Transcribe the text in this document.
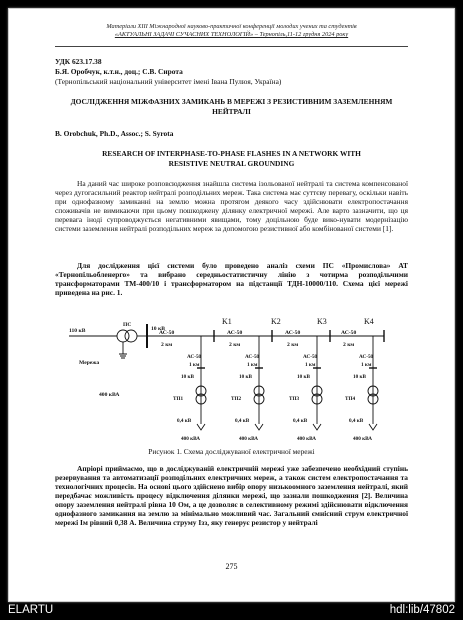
Матеріали XIII Міжнародної науково-практичної конференції молодих учених та студентів
«АКТУАЛЬНІ ЗАДАЧІ СУЧАСНИХ ТЕХНОЛОГІЙ» – Тернопіль,11-12 грудня 2024 року
УДК 623.17.38
Б.Я. Оробчук, к.т.н., доц.; С.В. Сирота
(Тернопільський національний університет імені Івана Пулюя, Україна)
ДОСЛІДЖЕННЯ МІЖФАЗНИХ ЗАМИКАНЬ В МЕРЕЖІ З РЕЗИСТИВНИМ ЗАЗЕМЛЕННЯМ НЕЙТРАЛІ
B. Orobchuk, Ph.D., Assoc.; S. Syrota
RESEARCH OF INTERPHASE-TO-PHASE FLASHES IN A NETWORK WITH RESISTIVE NEUTRAL GROUNDING
На даний час широке розповсюдження знайшла система ізольованої нейтралі та система компенсованої через дугогасильний реактор нейтралі розподільних мереж. Така система має суттєву перевагу, оскільки навіть при однофазному замиканні на землю можна протягом деякого часу здійснювати електропостачання споживачів не вимикаючи при цьому пошкоджену ділянку електричної мережі. Але варто зазначити, що ця перевага іноді супроводжується негативними явищами, тому доцільною буде вико-нувати модернізацію системи заземлення нейтралі розподільних мереж за допомогою резистивної або комбінованої системи [1].
Для дослідження цієї системи було проведено аналіз схеми ПС «Промислова» АТ «Тернопільобленерго» та вибрано середньостатистичну лінію з чотирма розподільчими трансформаторами ТМ-400/10 і трансформатором на підстанції ТДН-10000/110. Схема цієї мережі приведена на рис. 1.
110 кВ
ПС
10 кВ
Мережа
400 кВА
АС-50
2 км
АС-50
2 км
АС-50
2 км
АС-50
2 км
K1	K2	K3	K4
АС-50
1 км
10 кВ
ТП1
0,4 кВ
400 кВА
АС-50
1 км
10 кВ
ТП2
0,4 кВ
400 кВА
АС-50
1 км
10 кВ
ТП3
0,4 кВ
400 кВА
АС-50
1 км
10 кВ
ТП4
0,4 кВ
400 кВА
Рисунок 1. Схема досліджуваної електричної мережі
Апріорі приймаємо, що в досліджуваній електричній мережі уже забезпечено необхідний ступінь резервування та автоматизації розподільних електричних мереж, а також систем електропостачання та технологічних процесів. На основі цього здійснено вибір опору низькоомного заземлення нейтралі, який передбачає можливість процесу відключення ділянки мережі, що зазнали пошкодження [2]. Величина опору заземлення нейтралі рівна 10 Ом, а це дозволяє в селективному режимі здійснювати відключення однофазного замикання на землю за мінімально можливий час. Загальний ємнісний струм електричної мережі Ім рівний 0,38 А. Величина струму Ізз, яку генерує резистор у нейтралі
275
ELARTU	hdl:lib/47802
